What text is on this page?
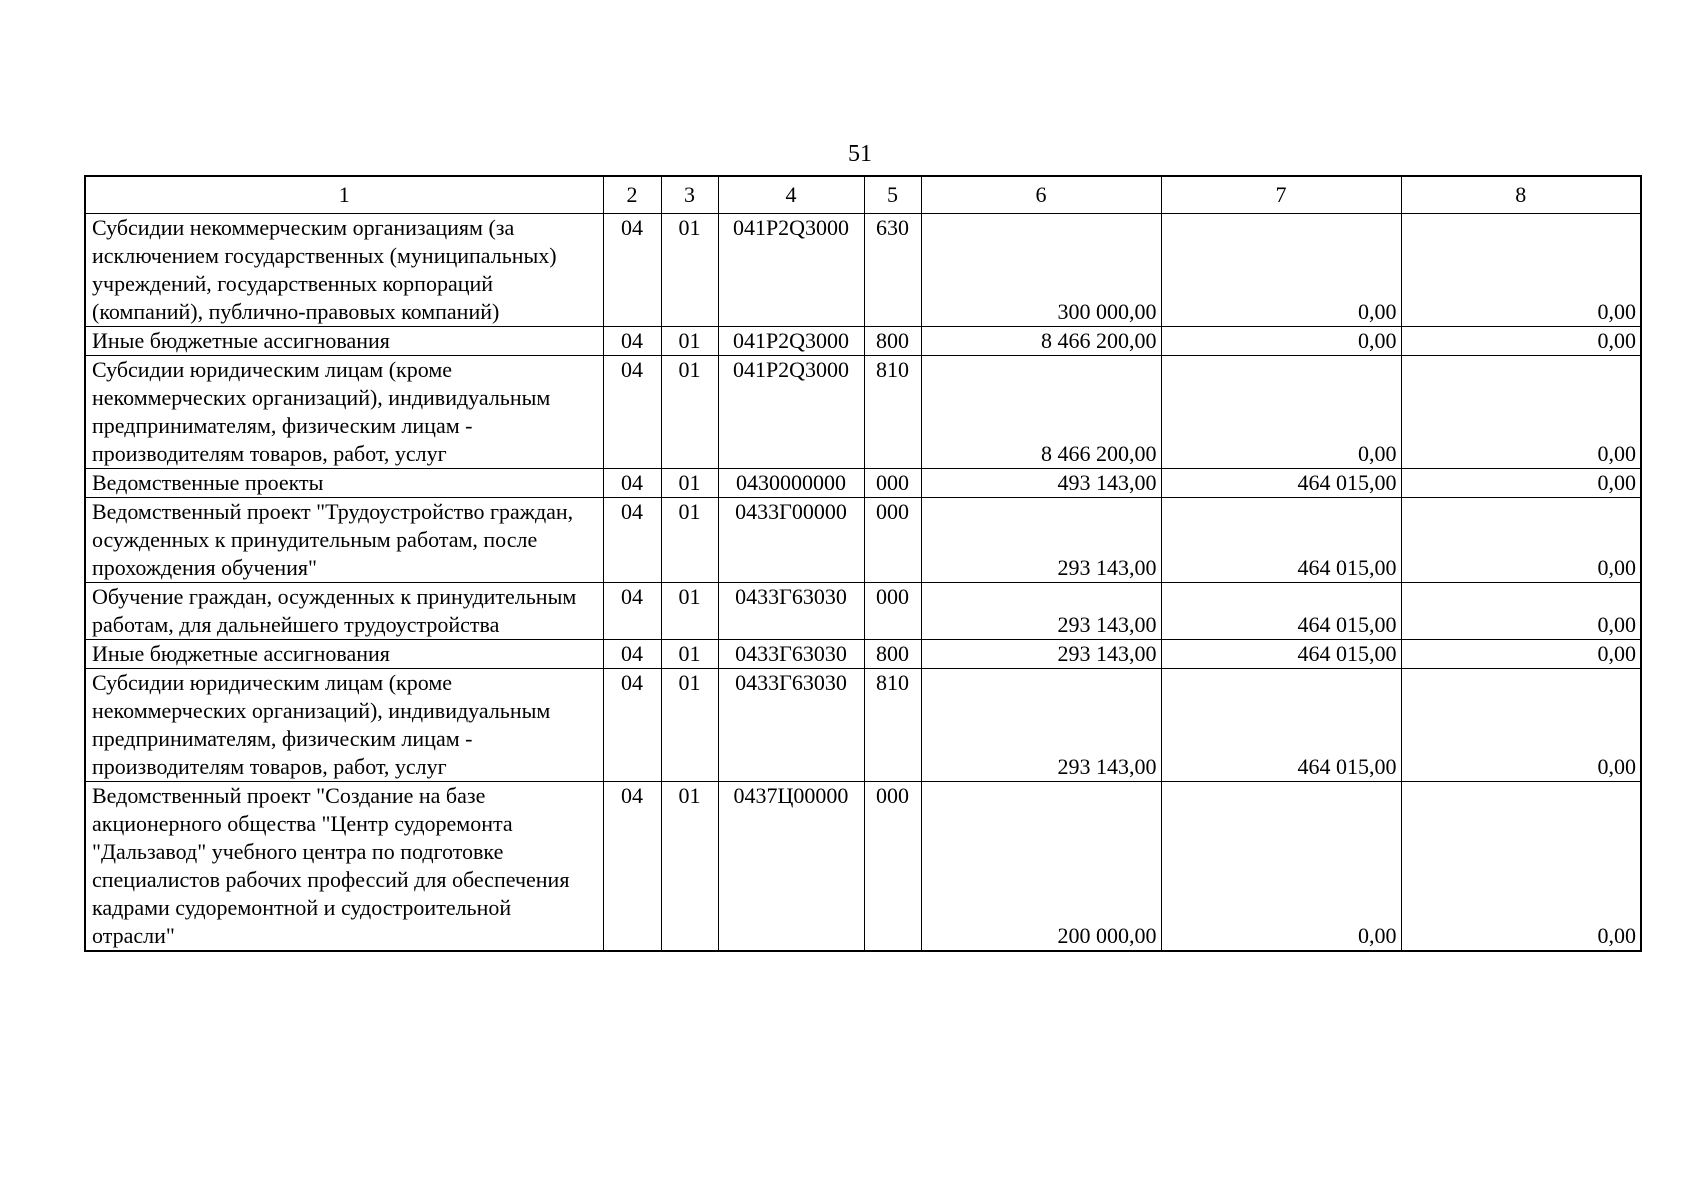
51
1	2	3	4	5	6	7	8
Субсидии некоммерческим организациям (за исключением государственных (муниципальных) учреждений, государственных корпораций (компаний), публично-правовых компаний)	04	01	041P2Q3000	630	300 000,00	0,00	0,00
Иные бюджетные ассигнования	04	01	041P2Q3000	800	8 466 200,00	0,00	0,00
Субсидии юридическим лицам (кроме некоммерческих организаций), индивидуальным предпринимателям, физическим лицам - производителям товаров, работ, услуг	04	01	041P2Q3000	810	8 466 200,00	0,00	0,00
Ведомственные проекты	04	01	0430000000	000	493 143,00	464 015,00	0,00
Ведомственный проект "Трудоустройство граждан, осужденных к принудительным работам, после прохождения обучения"	04	01	0433Г00000	000	293 143,00	464 015,00	0,00
Обучение граждан, осужденных к принудительным работам, для дальнейшего трудоустройства	04	01	0433Г63030	000	293 143,00	464 015,00	0,00
Иные бюджетные ассигнования	04	01	0433Г63030	800	293 143,00	464 015,00	0,00
Субсидии юридическим лицам (кроме некоммерческих организаций), индивидуальным предпринимателям, физическим лицам - производителям товаров, работ, услуг	04	01	0433Г63030	810	293 143,00	464 015,00	0,00
Ведомственный проект "Создание на базе акционерного общества "Центр судоремонта "Дальзавод" учебного центра по подготовке специалистов рабочих профессий для обеспечения кадрами судоремонтной и судостроительной отрасли"	04	01	0437Ц00000	000	200 000,00	0,00	0,00
